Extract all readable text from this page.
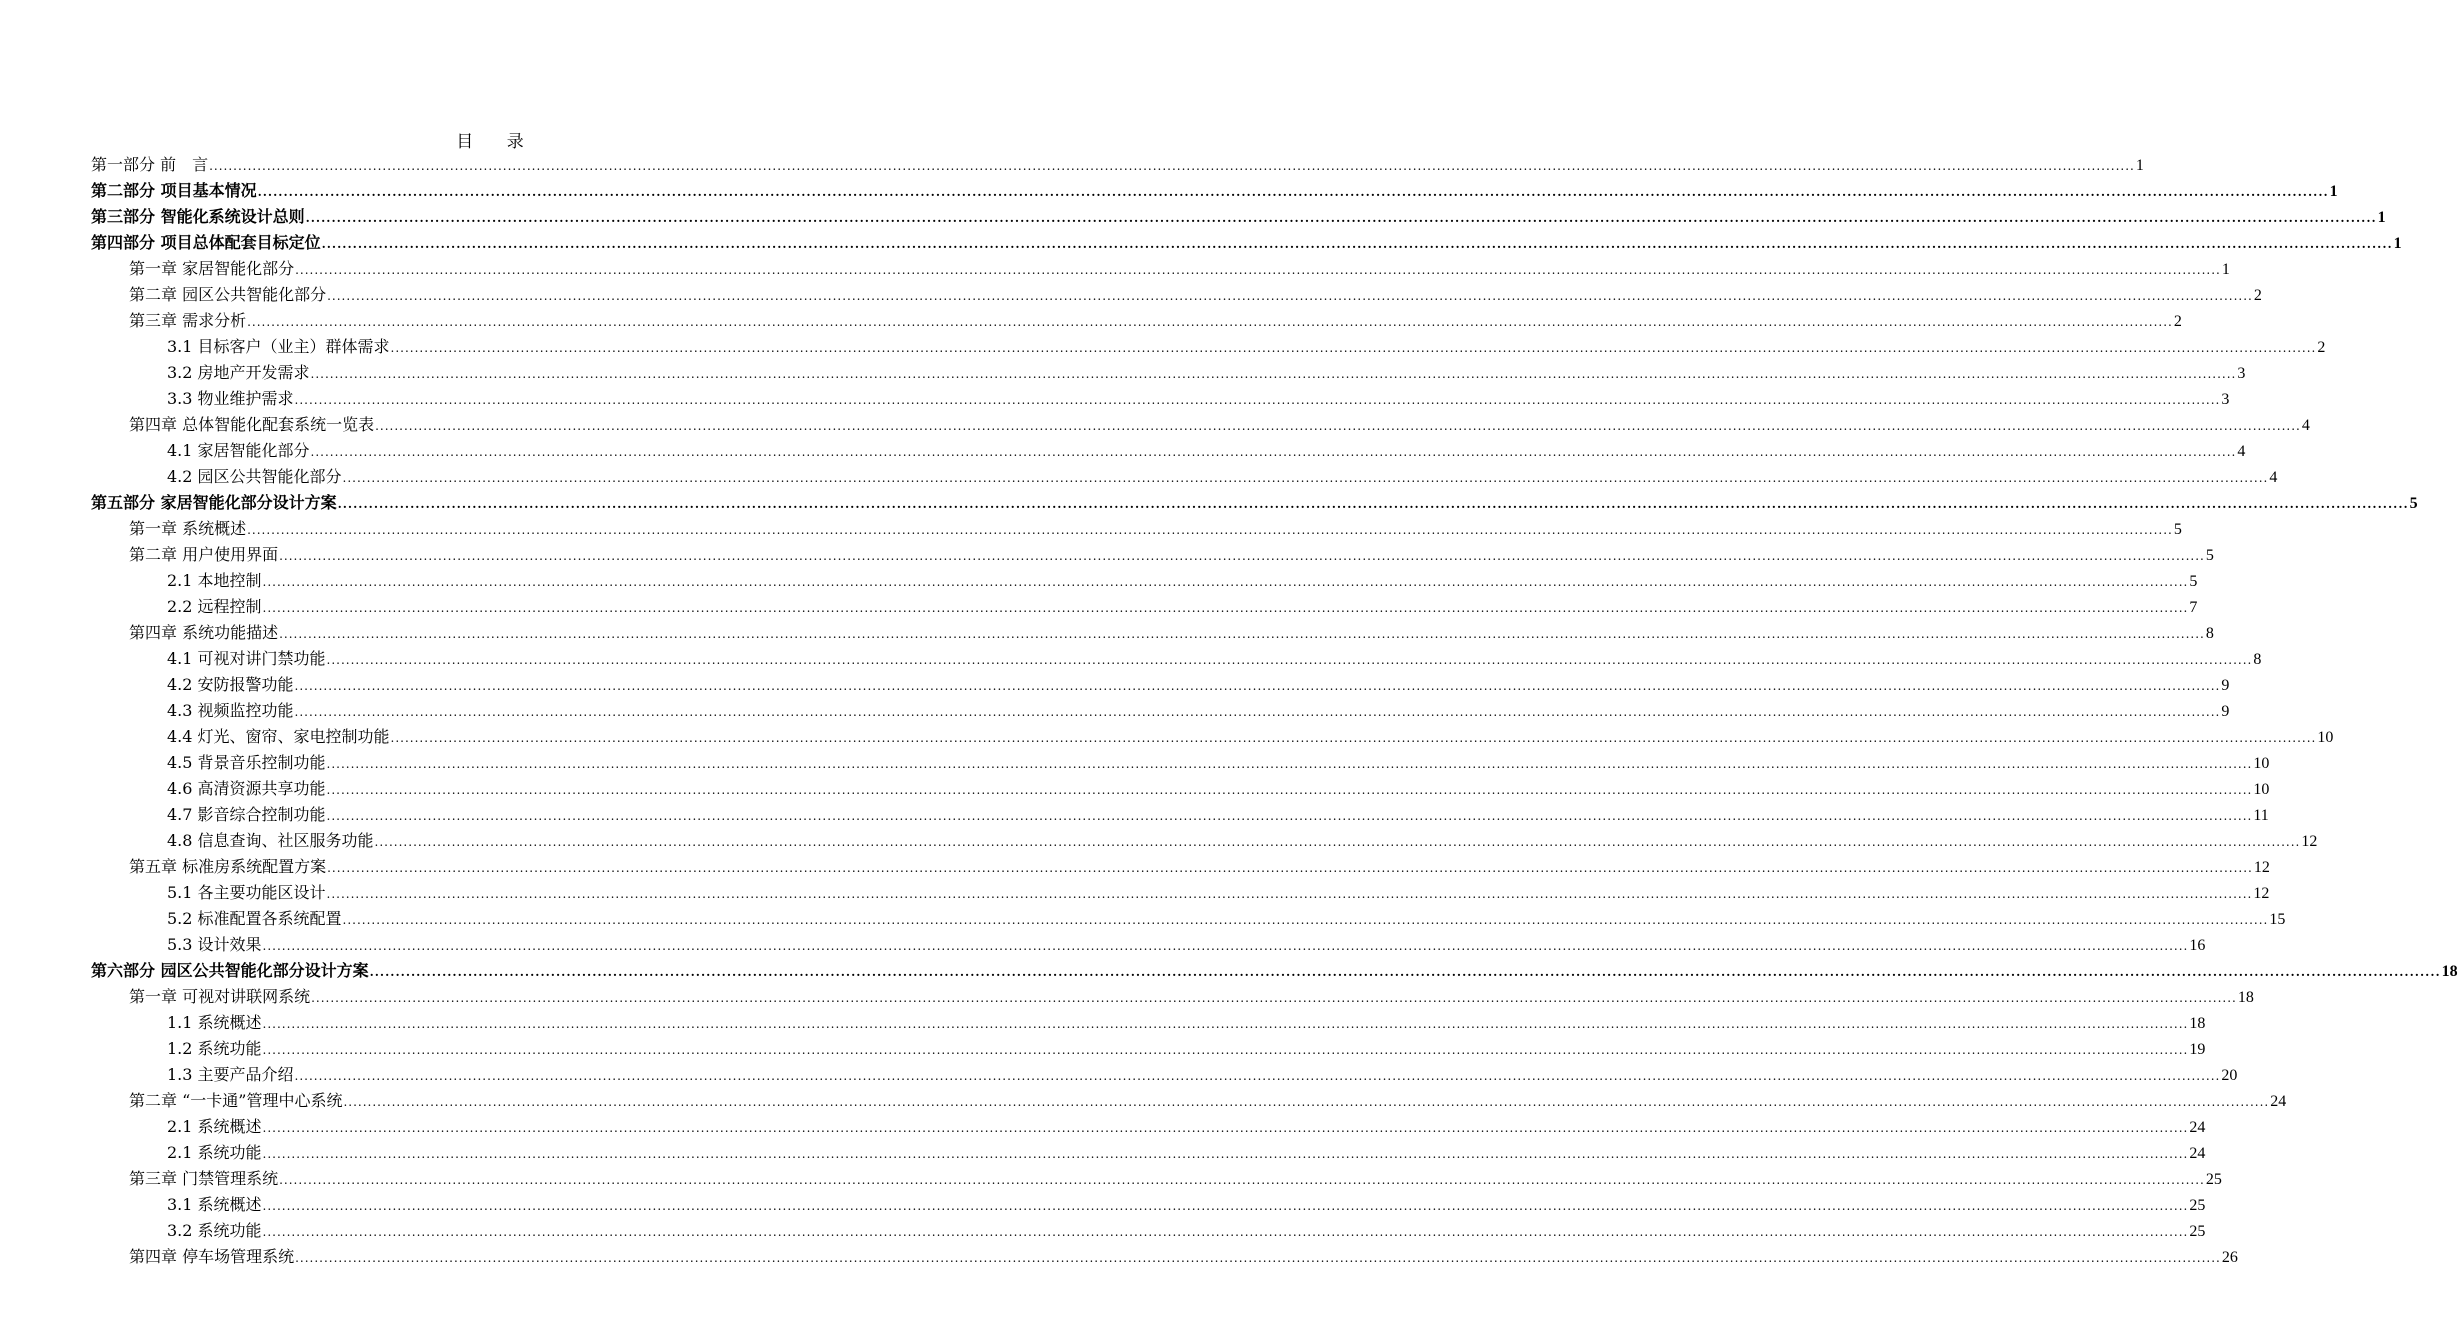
目 录
第一部分 前　言 ................................................................................................................................................................................................................................................................................................................................................................................................................ 1
第二部分 项目基本情况 ................................................................................................................................................................................................................................................................................................................................................................................................................ 1
第三部分 智能化系统设计总则 ................................................................................................................................................................................................................................................................................................................................................................................................................ 1
第四部分 项目总体配套目标定位 ................................................................................................................................................................................................................................................................................................................................................................................................................ 1
第一章 家居智能化部分 ................................................................................................................................................................................................................................................................................................................................................................................................................ 1
第二章 园区公共智能化部分 ................................................................................................................................................................................................................................................................................................................................................................................................................ 2
第三章 需求分析 ................................................................................................................................................................................................................................................................................................................................................................................................................ 2
3.1 目标客户（业主）群体需求 ................................................................................................................................................................................................................................................................................................................................................................................................................ 2
3.2 房地产开发需求 ................................................................................................................................................................................................................................................................................................................................................................................................................ 3
3.3 物业维护需求 ................................................................................................................................................................................................................................................................................................................................................................................................................ 3
第四章 总体智能化配套系统一览表 ................................................................................................................................................................................................................................................................................................................................................................................................................ 4
4.1 家居智能化部分 ................................................................................................................................................................................................................................................................................................................................................................................................................ 4
4.2 园区公共智能化部分 ................................................................................................................................................................................................................................................................................................................................................................................................................ 4
第五部分 家居智能化部分设计方案 ................................................................................................................................................................................................................................................................................................................................................................................................................ 5
第一章 系统概述 ................................................................................................................................................................................................................................................................................................................................................................................................................ 5
第二章 用户使用界面 ................................................................................................................................................................................................................................................................................................................................................................................................................ 5
2.1 本地控制 ................................................................................................................................................................................................................................................................................................................................................................................................................ 5
2.2 远程控制 ................................................................................................................................................................................................................................................................................................................................................................................................................ 7
第四章 系统功能描述 ................................................................................................................................................................................................................................................................................................................................................................................................................ 8
4.1 可视对讲门禁功能 ................................................................................................................................................................................................................................................................................................................................................................................................................ 8
4.2 安防报警功能 ................................................................................................................................................................................................................................................................................................................................................................................................................ 9
4.3 视频监控功能 ................................................................................................................................................................................................................................................................................................................................................................................................................ 9
4.4 灯光、窗帘、家电控制功能 ................................................................................................................................................................................................................................................................................................................................................................................................................ 10
4.5 背景音乐控制功能 ................................................................................................................................................................................................................................................................................................................................................................................................................ 10
4.6 高清资源共享功能 ................................................................................................................................................................................................................................................................................................................................................................................................................ 10
4.7 影音综合控制功能 ................................................................................................................................................................................................................................................................................................................................................................................................................ 11
4.8 信息查询、社区服务功能 ................................................................................................................................................................................................................................................................................................................................................................................................................ 12
第五章 标准房系统配置方案 ................................................................................................................................................................................................................................................................................................................................................................................................................ 12
5.1 各主要功能区设计 ................................................................................................................................................................................................................................................................................................................................................................................................................ 12
5.2 标准配置各系统配置 ................................................................................................................................................................................................................................................................................................................................................................................................................ 15
5.3 设计效果 ................................................................................................................................................................................................................................................................................................................................................................................................................ 16
第六部分 园区公共智能化部分设计方案 ................................................................................................................................................................................................................................................................................................................................................................................................................ 18
第一章 可视对讲联网系统 ................................................................................................................................................................................................................................................................................................................................................................................................................ 18
1.1 系统概述 ................................................................................................................................................................................................................................................................................................................................................................................................................ 18
1.2 系统功能 ................................................................................................................................................................................................................................................................................................................................................................................................................ 19
1.3 主要产品介绍 ................................................................................................................................................................................................................................................................................................................................................................................................................ 20
第二章 “一卡通”管理中心系统 ................................................................................................................................................................................................................................................................................................................................................................................................................ 24
2.1 系统概述 ................................................................................................................................................................................................................................................................................................................................................................................................................ 24
2.1 系统功能 ................................................................................................................................................................................................................................................................................................................................................................................................................ 24
第三章 门禁管理系统 ................................................................................................................................................................................................................................................................................................................................................................................................................ 25
3.1 系统概述 ................................................................................................................................................................................................................................................................................................................................................................................................................ 25
3.2 系统功能 ................................................................................................................................................................................................................................................................................................................................................................................................................ 25
第四章 停车场管理系统 ................................................................................................................................................................................................................................................................................................................................................................................................................ 26
